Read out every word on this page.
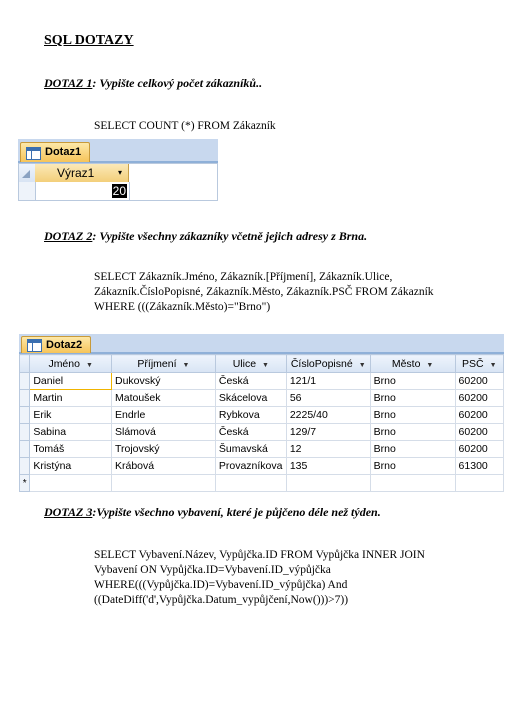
SQL DOTAZY
DOTAZ 1: Vypište celkový počet zákazníků..
SELECT COUNT (*) FROM Zákazník
Dotaz1
Výraz1	▾
20
DOTAZ 2: Vypište všechny zákazníky včetně jejich adresy z Brna.
SELECT Zákazník.Jméno, Zákazník.[Příjmení], Zákazník.Ulice,
Zákazník.ČísloPopisné, Zákazník.Město, Zákazník.PSČ FROM Zákazník
WHERE (((Zákazník.Město)="Brno")
Dotaz2
	Jméno ▼	Příjmení ▼	Ulice ▼	ČísloPopisné ▼	Město ▼	PSČ ▼
	Daniel	Dukovský	Česká	121/1	Brno	60200
	Martin	Matoušek	Skácelova	56	Brno	60200
	Erik	Endrle	Rybkova	2225/40	Brno	60200
	Sabina	Slámová	Česká	129/7	Brno	60200
	Tomáš	Trojovský	Šumavská	12	Brno	60200
	Kristýna	Krábová	Provazníkova	135	Brno	61300
*						
DOTAZ 3:Vypište všechno vybavení, které je půjčeno déle než týden.
SELECT Vybavení.Název, Vypůjčka.ID FROM Vypůjčka INNER JOIN
Vybavení ON Vypůjčka.ID=Vybavení.ID_výpůjčka
WHERE(((Vypůjčka.ID)=Vybavení.ID_výpůjčka) And
((DateDiff('d',Vypůjčka.Datum_vypůjčení,Now()))>7))
